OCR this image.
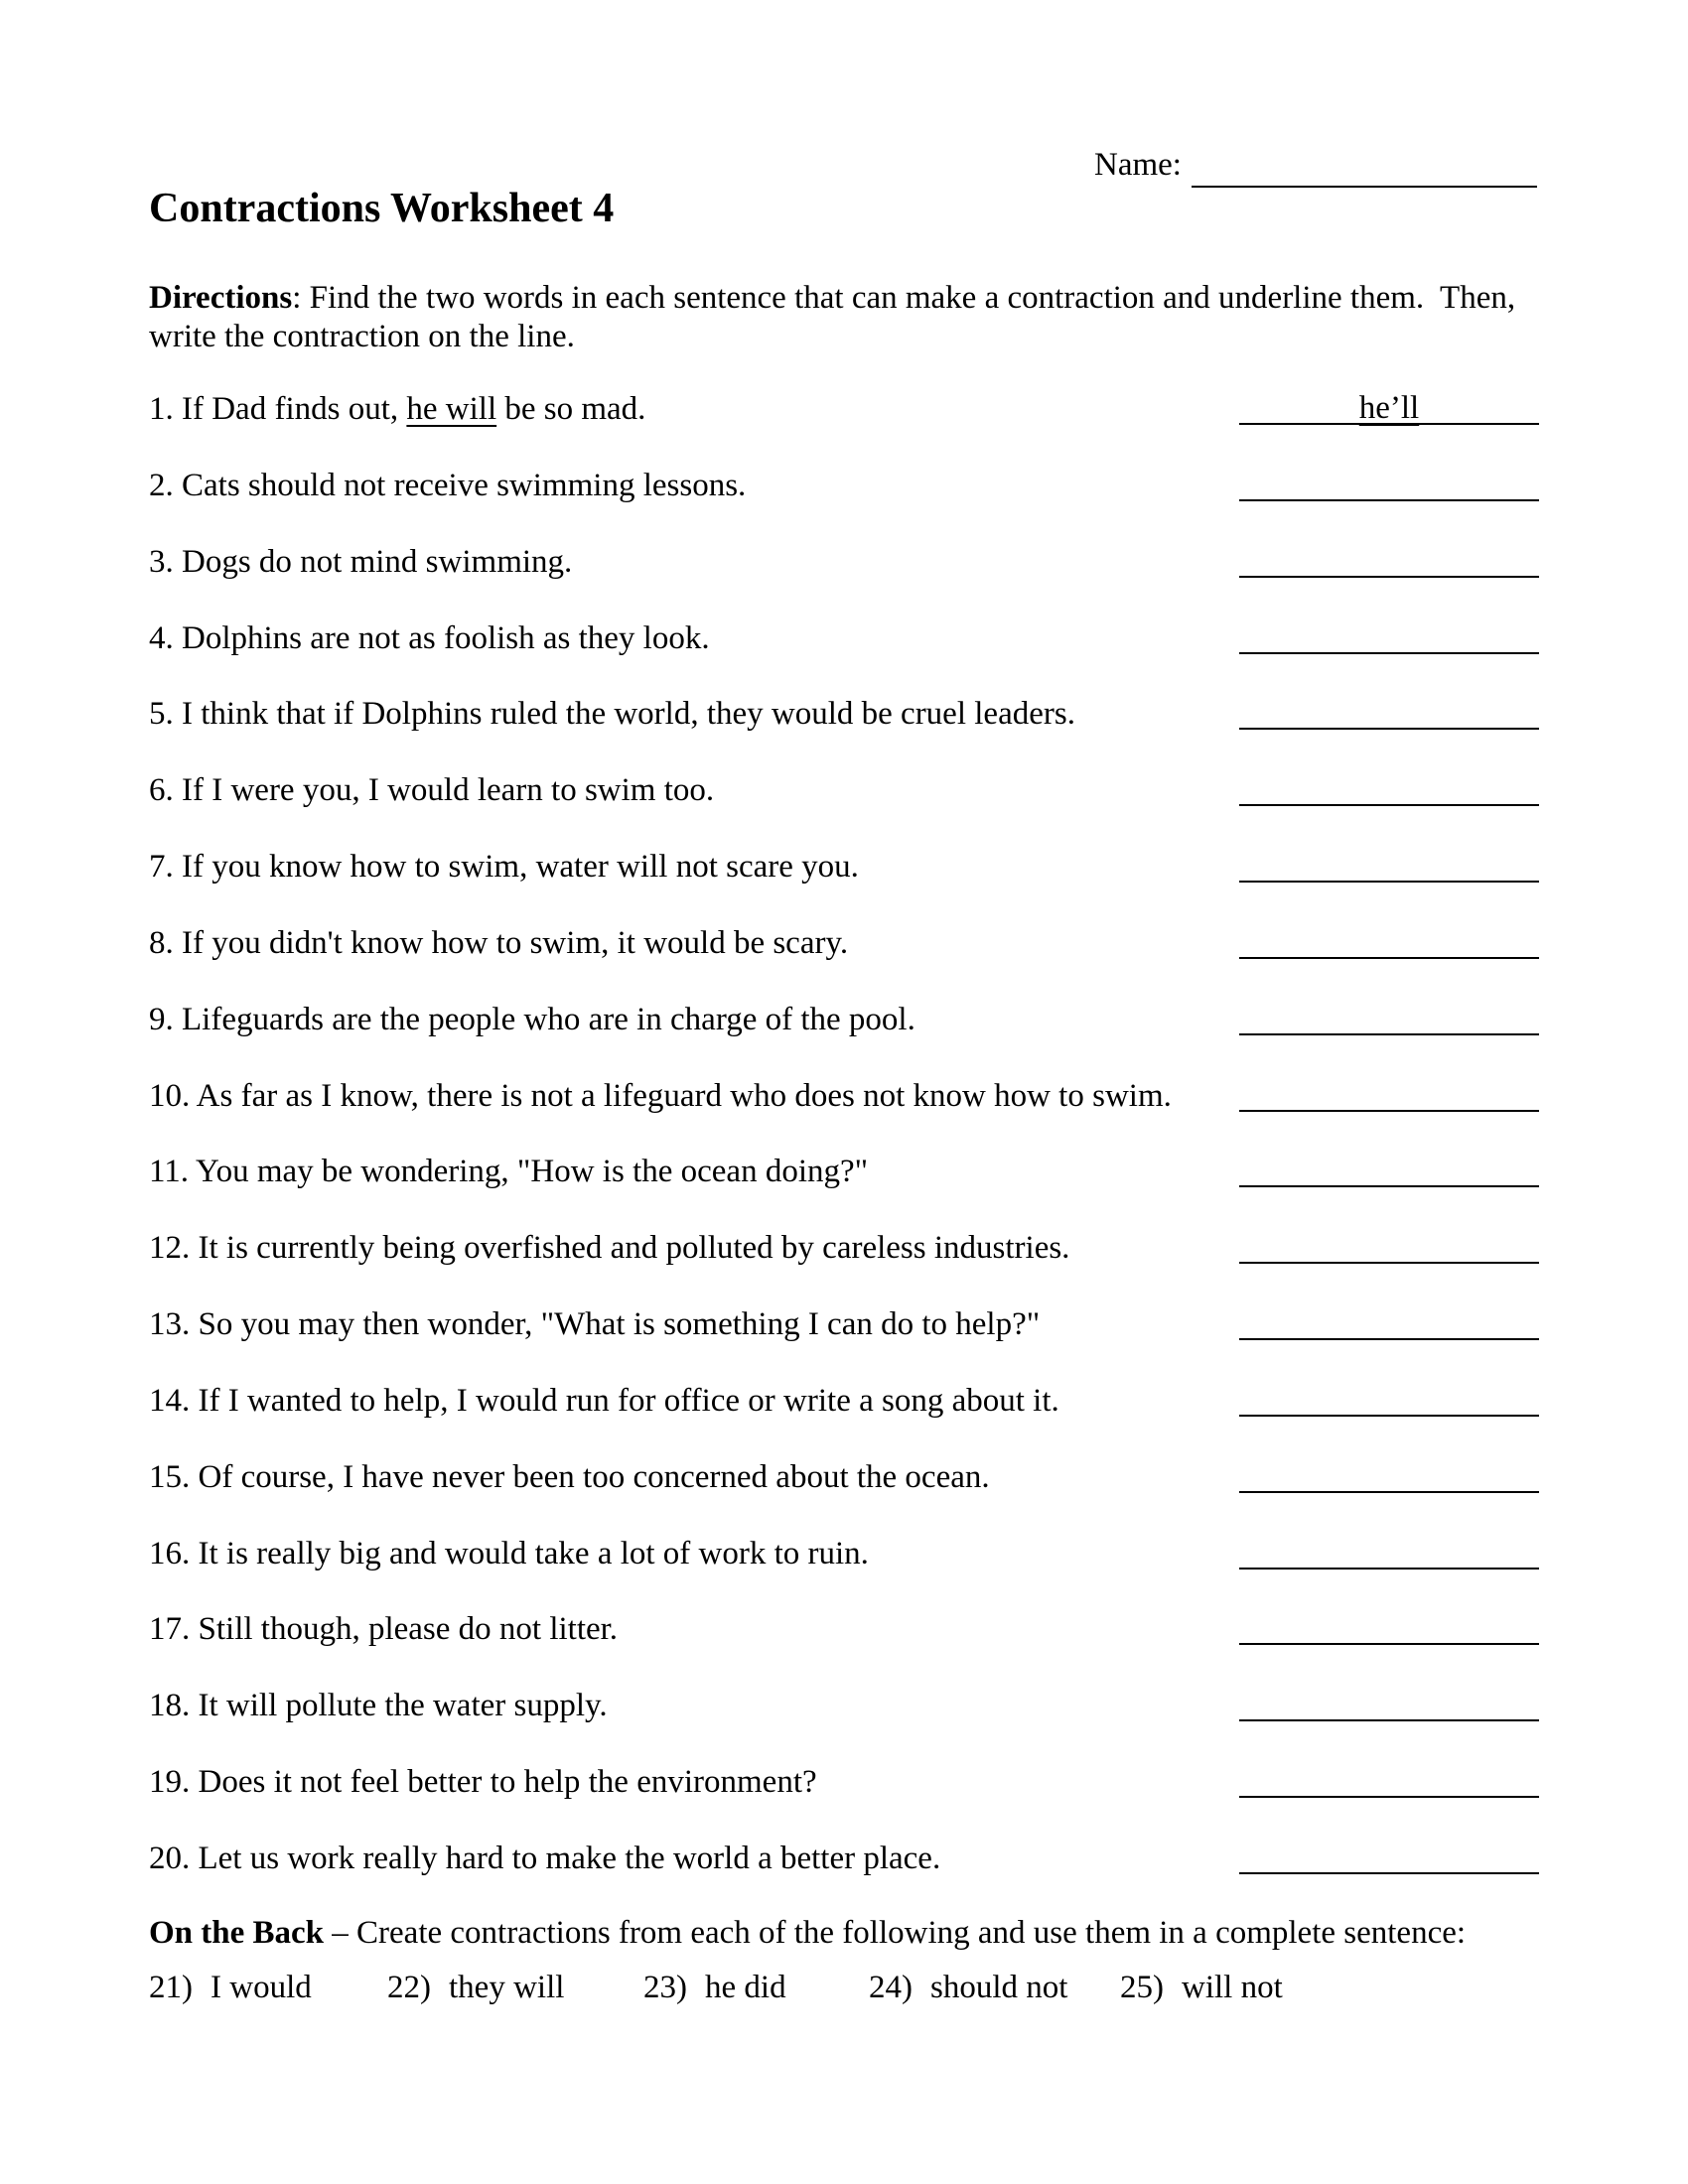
Name:
Contractions Worksheet 4
Directions: Find the two words in each sentence that can make a contraction and underline them.  Then, write the contraction on the line.
1. If Dad finds out, he will be so mad.	he’ll
2. Cats should not receive swimming lessons.
3. Dogs do not mind swimming.
4. Dolphins are not as foolish as they look.
5. I think that if Dolphins ruled the world, they would be cruel leaders.
6. If I were you, I would learn to swim too.
7. If you know how to swim, water will not scare you.
8. If you didn't know how to swim, it would be scary.
9. Lifeguards are the people who are in charge of the pool.
10. As far as I know, there is not a lifeguard who does not know how to swim.
11. You may be wondering, "How is the ocean doing?"
12. It is currently being overfished and polluted by careless industries.
13. So you may then wonder, "What is something I can do to help?"
14. If I wanted to help, I would run for office or write a song about it.
15. Of course, I have never been too concerned about the ocean.
16. It is really big and would take a lot of work to ruin.
17. Still though, please do not litter.
18. It will pollute the water supply.
19. Does it not feel better to help the environment?
20. Let us work really hard to make the world a better place.
On the Back – Create contractions from each of the following and use them in a complete sentence:
21) I would 22) they will 23) he did	24) should not 25) will not
